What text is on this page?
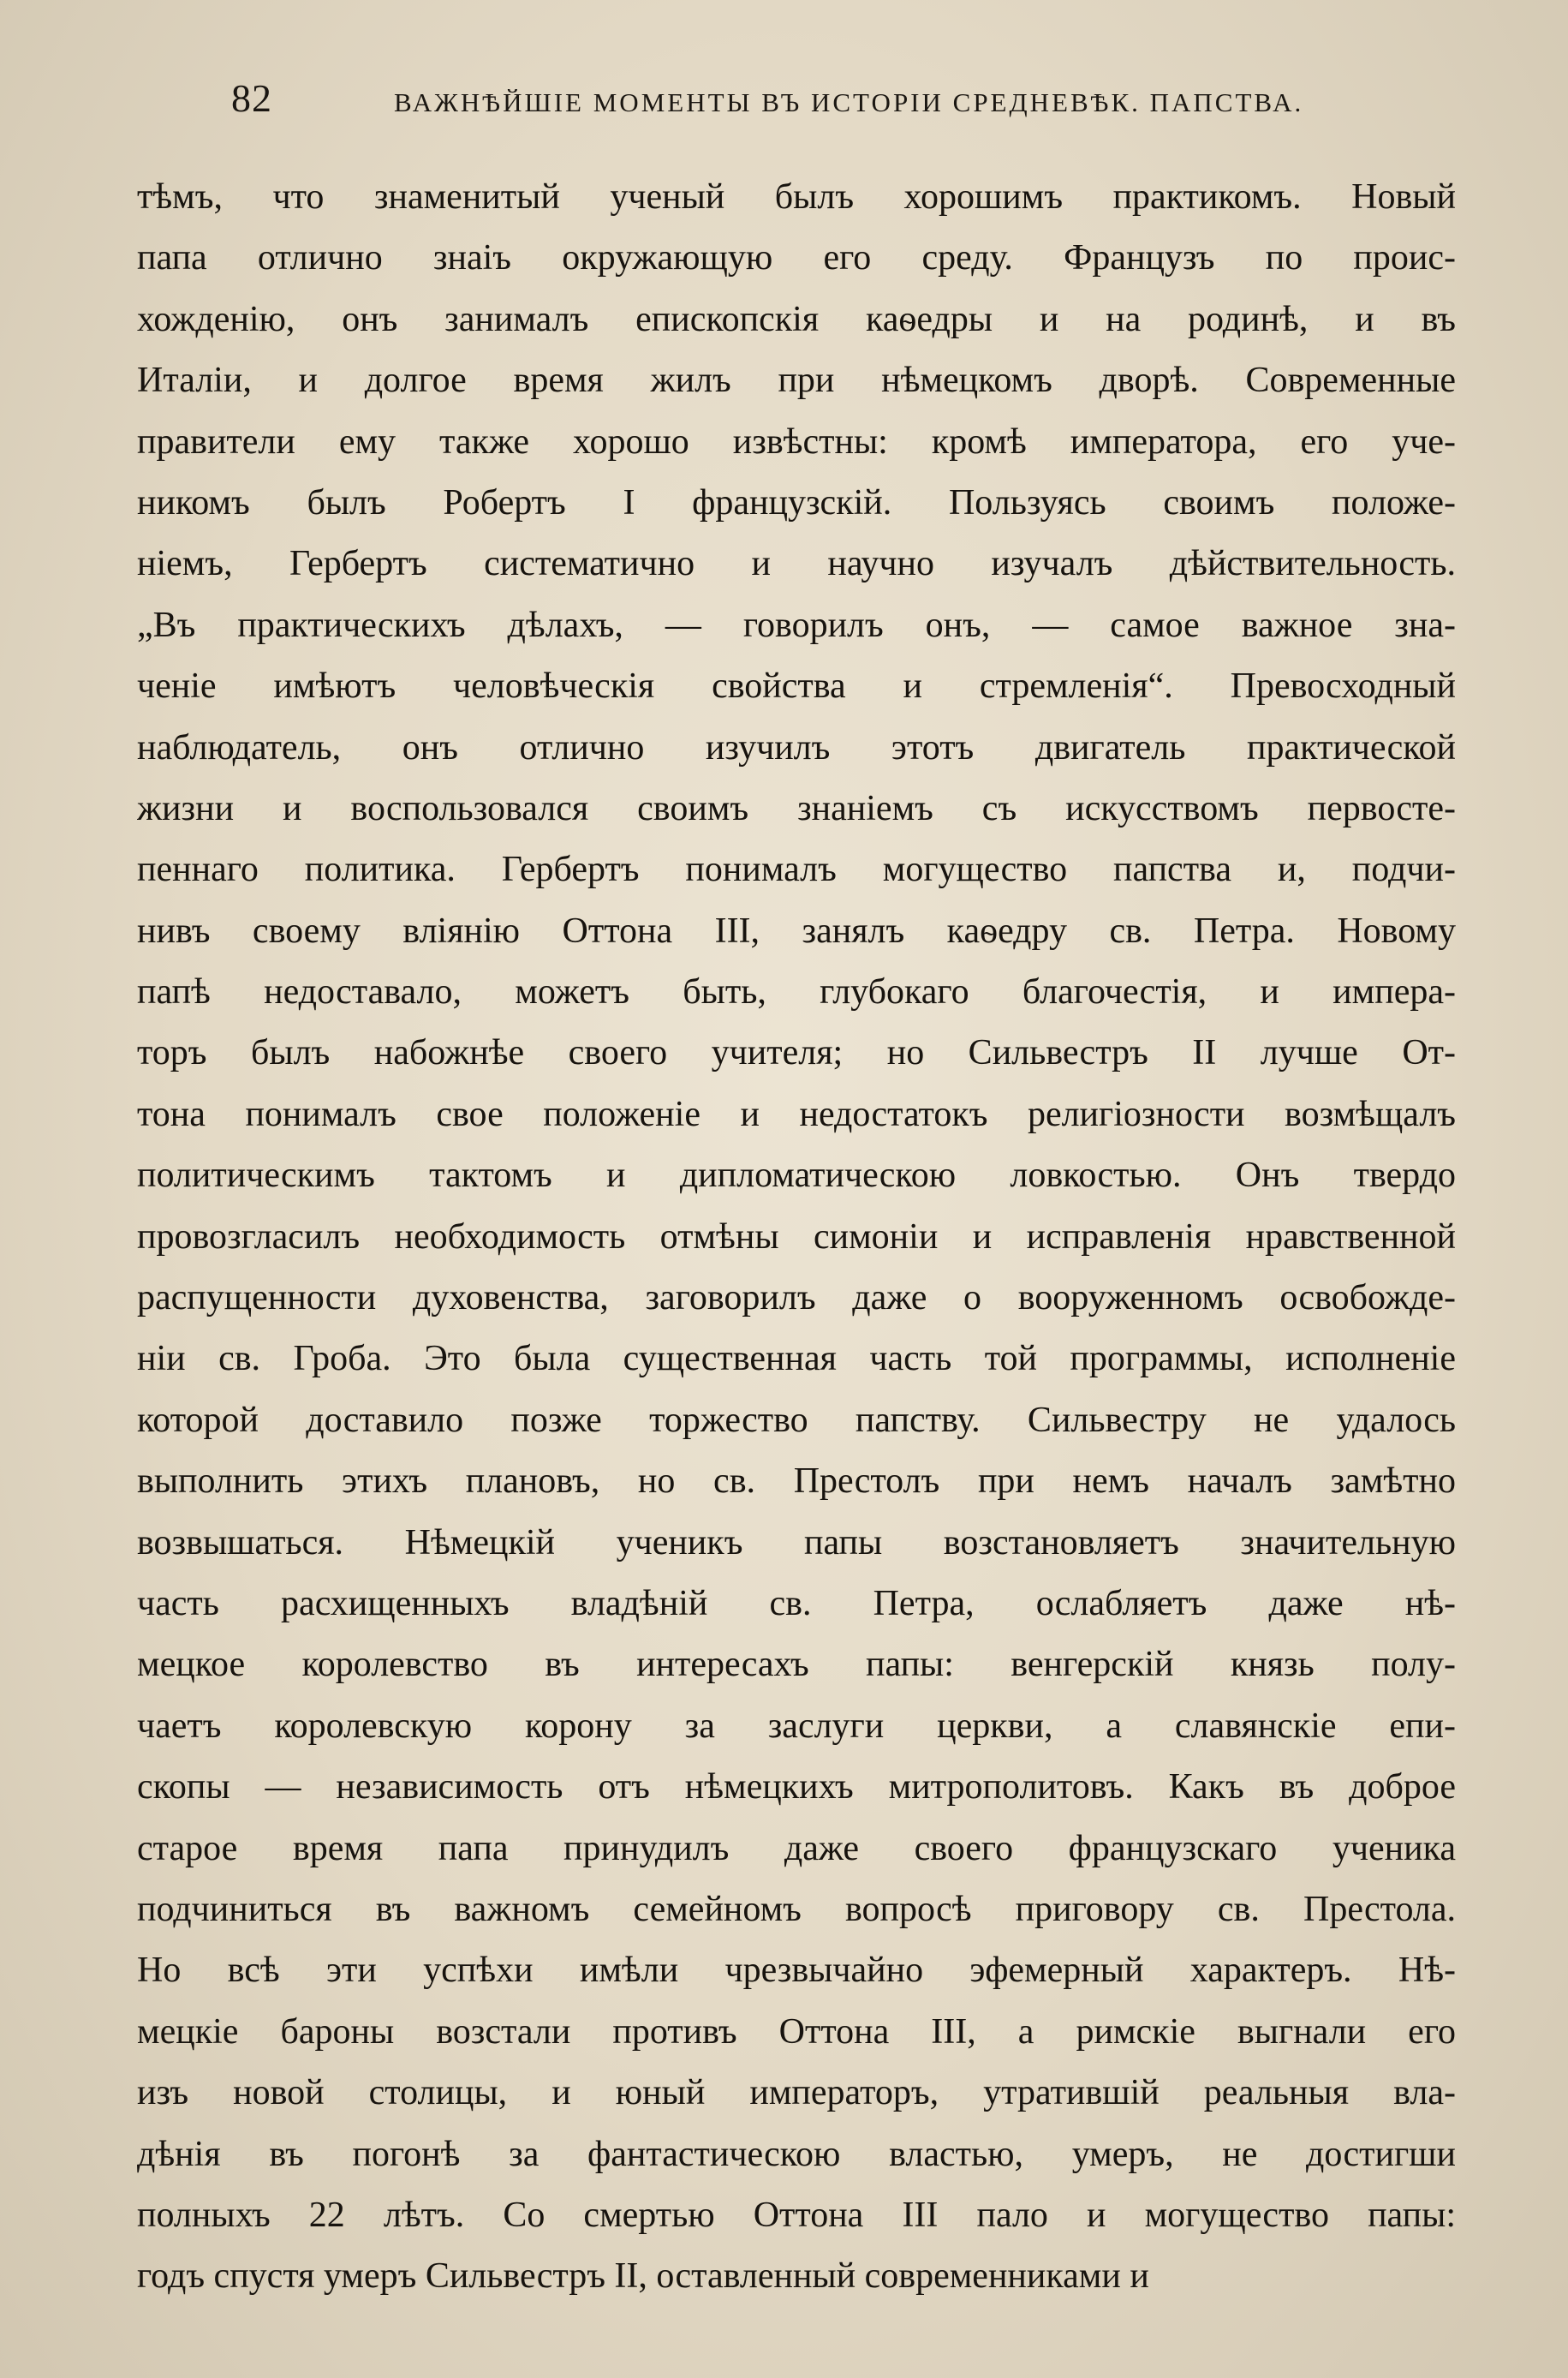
82	ВАЖНѢЙШІЕ МОМЕНТЫ ВЪ ИСТОРІИ СРЕДНЕВѢК. ПАПСТВА.
тѣмъ, что знаменитый ученый былъ хорошимъ практикомъ. Новый
папа отлично знаіъ окружающую его среду. Французъ по проис-
хожденію, онъ занималъ епископскія каѳедры и на родинѣ, и въ
Италіи, и долгое время жилъ при нѣмецкомъ дворѣ. Современные
правители ему также хорошо извѣстны: кромѣ императора, его уче-
никомъ былъ Робертъ I французскій. Пользуясь своимъ положе-
ніемъ, Гербертъ систематично и научно изучалъ дѣйствительность.
„Въ практическихъ дѣлахъ, — говорилъ онъ, — самое важное зна-
ченіе имѣютъ человѣческія свойства и стремленія“. Превосходный
наблюдатель, онъ отлично изучилъ этотъ двигатель практической
жизни и воспользовался своимъ знаніемъ съ искусствомъ первосте-
пеннаго политика. Гербертъ понималъ могущество папства и, подчи-
нивъ своему вліянію Оттона III, занялъ каѳедру св. Петра. Новому
папѣ недоставало, можетъ быть, глубокаго благочестія, и импера-
торъ былъ набожнѣе своего учителя; но Сильвестръ II лучше От-
тона понималъ свое положеніе и недостатокъ религіозности возмѣщалъ
политическимъ тактомъ и дипломатическою ловкостью. Онъ твердо
провозгласилъ необходимость отмѣны симоніи и исправленія нравственной
распущенности духовенства, заговорилъ даже о вооруженномъ освобожде-
ніи св. Гроба. Это была существенная часть той программы, исполненіе
которой доставило позже торжество папству. Сильвестру не удалось
выполнить этихъ плановъ, но св. Престолъ при немъ началъ замѣтно
возвышаться. Нѣмецкій ученикъ папы возстановляетъ значительную
часть расхищенныхъ владѣній св. Петра, ослабляетъ даже нѣ-
мецкое королевство въ интересахъ папы: венгерскій князь полу-
чаетъ королевскую корону за заслуги церкви, а славянскіе епи-
скопы — независимость отъ нѣмецкихъ митрополитовъ. Какъ въ доброе
старое время папа принудилъ даже своего французскаго ученика
подчиниться въ важномъ семейномъ вопросѣ приговору св. Престола.
Но всѣ эти успѣхи имѣли чрезвычайно эфемерный характеръ. Нѣ-
мецкіе бароны возстали противъ Оттона III, а римскіе выгнали его
изъ новой столицы, и юный императоръ, утратившій реальныя вла-
дѣнія въ погонѣ за фантастическою властью, умеръ, не достигши
полныхъ 22 лѣтъ. Со смертью Оттона III пало и могущество папы:
годъ спустя умеръ Сильвестръ II, оставленный современниками и
